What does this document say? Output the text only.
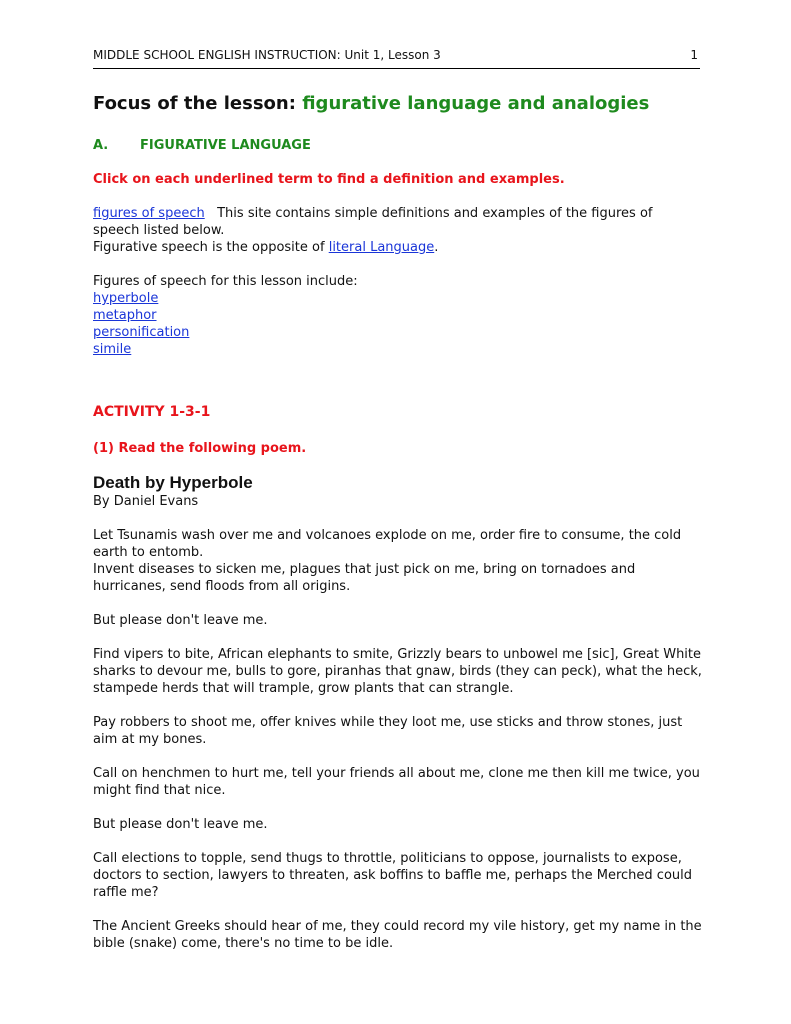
MIDDLE SCHOOL ENGLISH INSTRUCTION: Unit 1, Lesson 3	1
Focus of the lesson: figurative language and analogies
A. FIGURATIVE LANGUAGE
Click on each underlined term to find a definition and examples.

figures of speech   This site contains simple definitions and examples of the figures of speech listed below.
Figurative speech is the opposite of literal Language.

Figures of speech for this lesson include:
hyperbole
metaphor
personification
simile

ACTIVITY 1-3-1
(1) Read the following poem.
Death by Hyperbole
By Daniel Evans

Let Tsunamis wash over me and volcanoes explode on me, order fire to consume, the cold earth to entomb.
Invent diseases to sicken me, plagues that just pick on me, bring on tornadoes and hurricanes, send floods from all origins.

But please don't leave me.

Find vipers to bite, African elephants to smite, Grizzly bears to unbowel me [sic], Great White sharks to devour me, bulls to gore, piranhas that gnaw, birds (they can peck), what the heck, stampede herds that will trample, grow plants that can strangle.

Pay robbers to shoot me, offer knives while they loot me, use sticks and throw stones, just aim at my bones.

Call on henchmen to hurt me, tell your friends all about me, clone me then kill me twice, you might find that nice.

But please don't leave me.

Call elections to topple, send thugs to throttle, politicians to oppose, journalists to expose, doctors to section, lawyers to threaten, ask boffins to baffle me, perhaps the Merched could raffle me?

The Ancient Greeks should hear of me, they could record my vile history, get my name in the bible (snake) come, there's no time to be idle.
